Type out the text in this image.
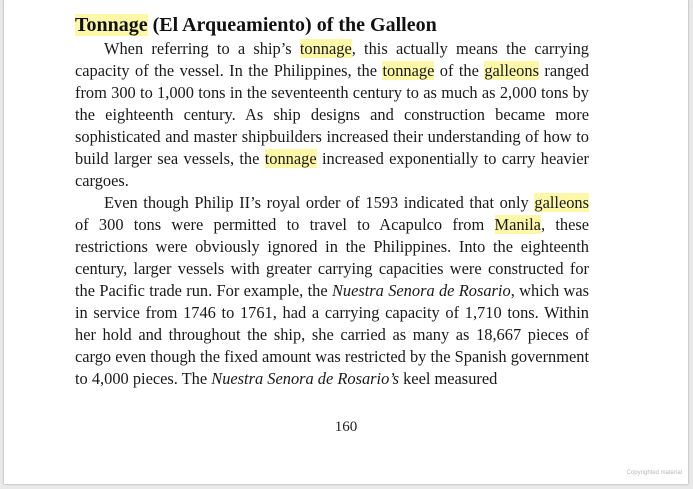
Tonnage (El Arqueamiento) of the Galleon

When referring to a ship’s tonnage, this actually means the carrying capacity of the vessel. In the Philippines, the tonnage of the galleons ranged from 300 to 1,000 tons in the seventeenth century to as much as 2,000 tons by the eighteenth century. As ship designs and construction became more sophisticated and master shipbuilders increased their understanding of how to build larger sea vessels, the tonnage increased exponentially to carry heavier cargoes.

Even though Philip II’s royal order of 1593 indicated that only galleons of 300 tons were permitted to travel to Acapulco from Manila, these restrictions were obviously ignored in the Philippines. Into the eighteenth century, larger vessels with greater carrying capacities were constructed for the Pacific trade run. For example, the Nuestra Senora de Rosario, which was in service from 1746 to 1761, had a carrying capacity of 1,710 tons. Within her hold and throughout the ship, she carried as many as 18,667 pieces of cargo even though the fixed amount was restricted by the Spanish government to 4,000 pieces. The Nuestra Senora de Rosario’s keel measured

160
Copyrighted material
